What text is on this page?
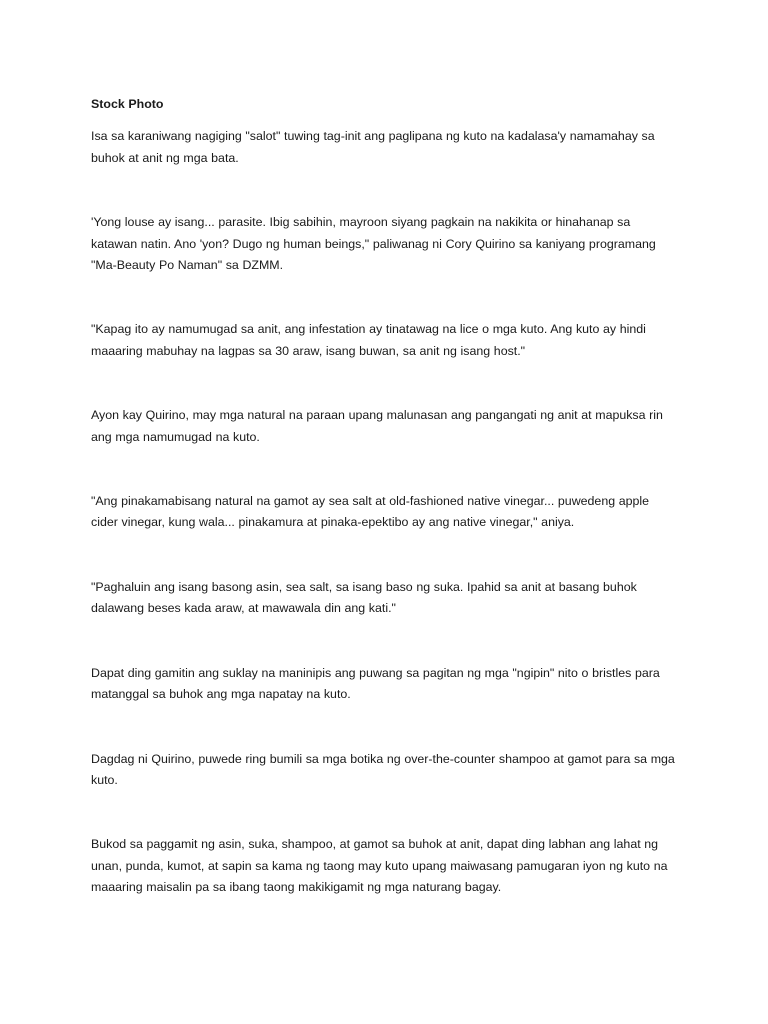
Stock Photo

Isa sa karaniwang nagiging "salot" tuwing tag-init ang paglipana ng kuto na kadalasa'y namamahay sa buhok at anit ng mga bata.

'Yong louse ay isang... parasite. Ibig sabihin, mayroon siyang pagkain na nakikita or hinahanap sa katawan natin. Ano 'yon? Dugo ng human beings," paliwanag ni Cory Quirino sa kaniyang programang "Ma-Beauty Po Naman" sa DZMM.

"Kapag ito ay namumugad sa anit, ang infestation ay tinatawag na lice o mga kuto. Ang kuto ay hindi maaaring mabuhay na lagpas sa 30 araw, isang buwan, sa anit ng isang host."

Ayon kay Quirino, may mga natural na paraan upang malunasan ang pangangati ng anit at mapuksa rin ang mga namumugad na kuto.

"Ang pinakamabisang natural na gamot ay sea salt at old-fashioned native vinegar... puwedeng apple cider vinegar, kung wala... pinakamura at pinaka-epektibo ay ang native vinegar," aniya.

"Paghaluin ang isang basong asin, sea salt, sa isang baso ng suka. Ipahid sa anit at basang buhok dalawang beses kada araw, at mawawala din ang kati."

Dapat ding gamitin ang suklay na maninipis ang puwang sa pagitan ng mga "ngipin" nito o bristles para matanggal sa buhok ang mga napatay na kuto.

Dagdag ni Quirino, puwede ring bumili sa mga botika ng over-the-counter shampoo at gamot para sa mga kuto.

Bukod sa paggamit ng asin, suka, shampoo, at gamot sa buhok at anit, dapat ding labhan ang lahat ng unan, punda, kumot, at sapin sa kama ng taong may kuto upang maiwasang pamugaran iyon ng kuto na maaaring maisalin pa sa ibang taong makikigamit ng mga naturang bagay.
